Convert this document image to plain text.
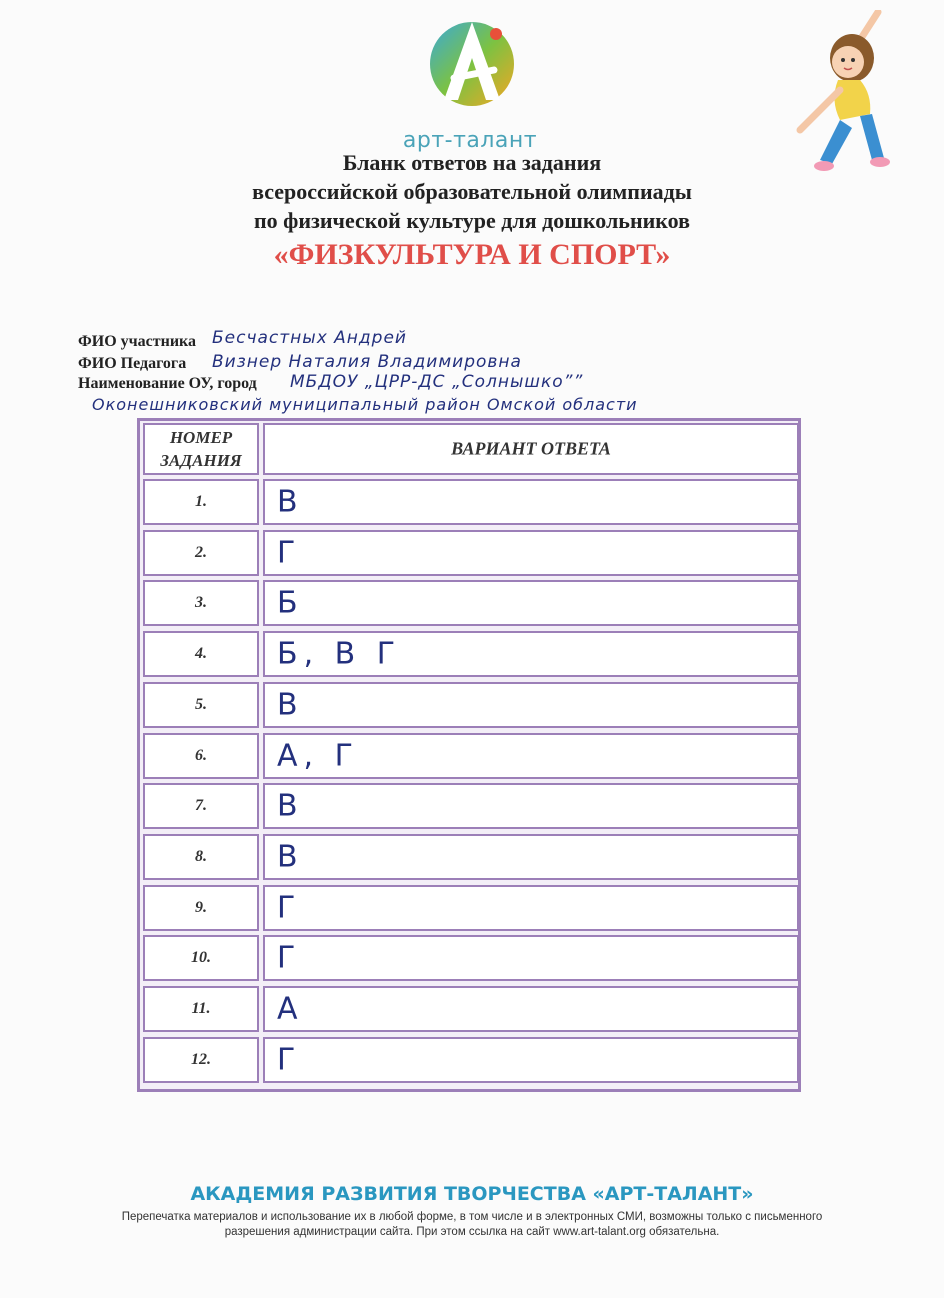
арт-талант
Бланк ответов на задания
всероссийской образовательной олимпиады
по физической культуре для дошкольников
«ФИЗКУЛЬТУРА И СПОРТ»
ФИО участника Бесчастных Андрей
ФИО Педагога Визнер Наталия Владимировна
Наименование ОУ, город МБДОУ „ЦРР-ДС „Солнышко””
Оконешниковский муниципальный район Омской области
НОМЕР ЗАДАНИЯ
ВАРИАНТ ОТВЕТА
1.	В
2.	Г
3.	Б
4.	Б, В Г
5.	В
6.	А, Г
7.	В
8.	В
9.	Г
10.	Г
11.	А
12.	Г
АКАДЕМИЯ РАЗВИТИЯ ТВОРЧЕСТВА «АРТ-ТАЛАНТ»
Перепечатка материалов и использование их в любой форме, в том числе и в электронных СМИ, возможны только с письменного разрешения администрации сайта. При этом ссылка на сайт www.art-talant.org обязательна.
